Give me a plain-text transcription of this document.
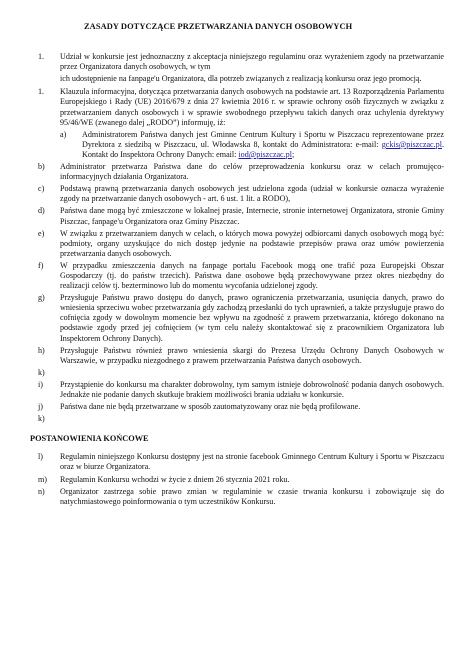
ZASADY DOTYCZĄCE PRZETWARZANIA DANYCH OSOBOWYCH
1.	Udział w konkursie jest jednoznaczny z akceptacja niniejszego regulaminu oraz wyrażeniem zgody na przetwarzanie przez Organizatora danych osobowych, w tym
ich udostępnienie na fanpage'u Organizatora, dla potrzeb związanych z realizacją konkursu oraz jego promocją.
1.	Klauzula informacyjna, dotycząca przetwarzania danych osobowych na podstawie art. 13 Rozporządzenia Parlamentu Europejskiego i Rady (UE) 2016/679 z dnia 27 kwietnia 2016 r. w sprawie ochrony osób fizycznych w związku z przetwarzaniem danych osobowych i w sprawie swobodnego przepływu takich danych oraz uchylenia dyrektywy 95/46/WE (zwanego dalej „RODO”) informuję, iż:
a)	Administratorem Państwa danych jest Gminne Centrum Kultury i Sportu w Piszczacu reprezentowane przez Dyrektora z siedzibą w Piszczacu, ul. Włodawska 8, kontakt do Administratora: e-mail: gckis@piszczac.pl. Kontakt do Inspektora Ochrony Danych: email: iod@piszczac.pl;
b)	Administrator przetwarza Państwa dane do celów przeprowadzenia konkursu oraz w celach promujęco-informacyjnych działania Organizatora.
c)	Podstawą prawną przetwarzania danych osobowych jest udzielona zgoda (udział w konkursie oznacza wyrażenie zgody na przetwarzanie danych osobowych - art. 6 ust. 1 lit. a RODO),
d)	Państwa dane mogą być zmieszczone w lokalnej prasie, Internecie, stronie internetowej Organizatora, stronie Gminy Piszczac, fanpage'u Organizatora oraz Gminy Piszczac.
e)	W związku z przetwarzaniem danych w celach, o których mowa powyżej odbiorcami danych osobowych mogą być: podmioty, organy uzyskujące do nich dostęp jedynie na podstawie przepisów prawa oraz umów powierzenia przetwarzania danych osobowych.
f)	W przypadku zmieszczenia danych na fanpage portalu Facebook mogą one trafić poza Europejski Obszar Gospodarczy (tj. do państw trzecich). Państwa dane osobowe będą przechowywane przez okres niezbędny do realizacji celów tj. bezterminowo lub do momentu wycofania udzielonej zgody.
g)	Przysługuje Państwu prawo dostępu do danych, prawo ograniczenia przetwarzania, usunięcia danych, prawo do wniesienia sprzeciwu wobec przetwarzania gdy zachodzą przesłanki do tych uprawnień, a także przysługuje prawo do cofnięcia zgody w dowolnym momencie bez wpływu na zgodność z prawem przetwarzania, którego dokonano na podstawie zgody przed jej cofnięciem (w tym celu należy skontaktować się z pracownikiem Organizatora lub Inspektorem Ochrony Danych).
h)	Przysługuje Państwu również prawo wniesienia skargi do Prezesa Urzędu Ochrony Danych Osobowych w Warszawie, w przypadku niezgodnego z prawem przetwarzania Państwa danych osobowych.
k)
i)	Przystąpienie do konkursu ma charakter dobrowolny, tym samym istnieje dobrowolność podania danych osobowych. Jednakże nie podanie danych skutkuje brakiem możliwości brania udziału w konkursie.
j)	Państwa dane nie będą przetwarzane w sposób zautomatyzowany oraz nie będą profilowane.
k)
POSTANOWIENIA KOŃCOWE
l)	Regulamin niniejszego Konkursu dostępny jest na stronie facebook Gminnego Centrum Kultury i Sportu w Piszczacu oraz w biurze Organizatora.
m)	Regulamin Konkursu wchodzi w życie z dniem 26 stycznia 2021 roku.
n)	Organizator zastrzega sobie prawo zmian w regulaminie w czasie trwania konkursu i zobowiązuje się do natychmiastowego poinformowania o tym uczestników Konkursu.
